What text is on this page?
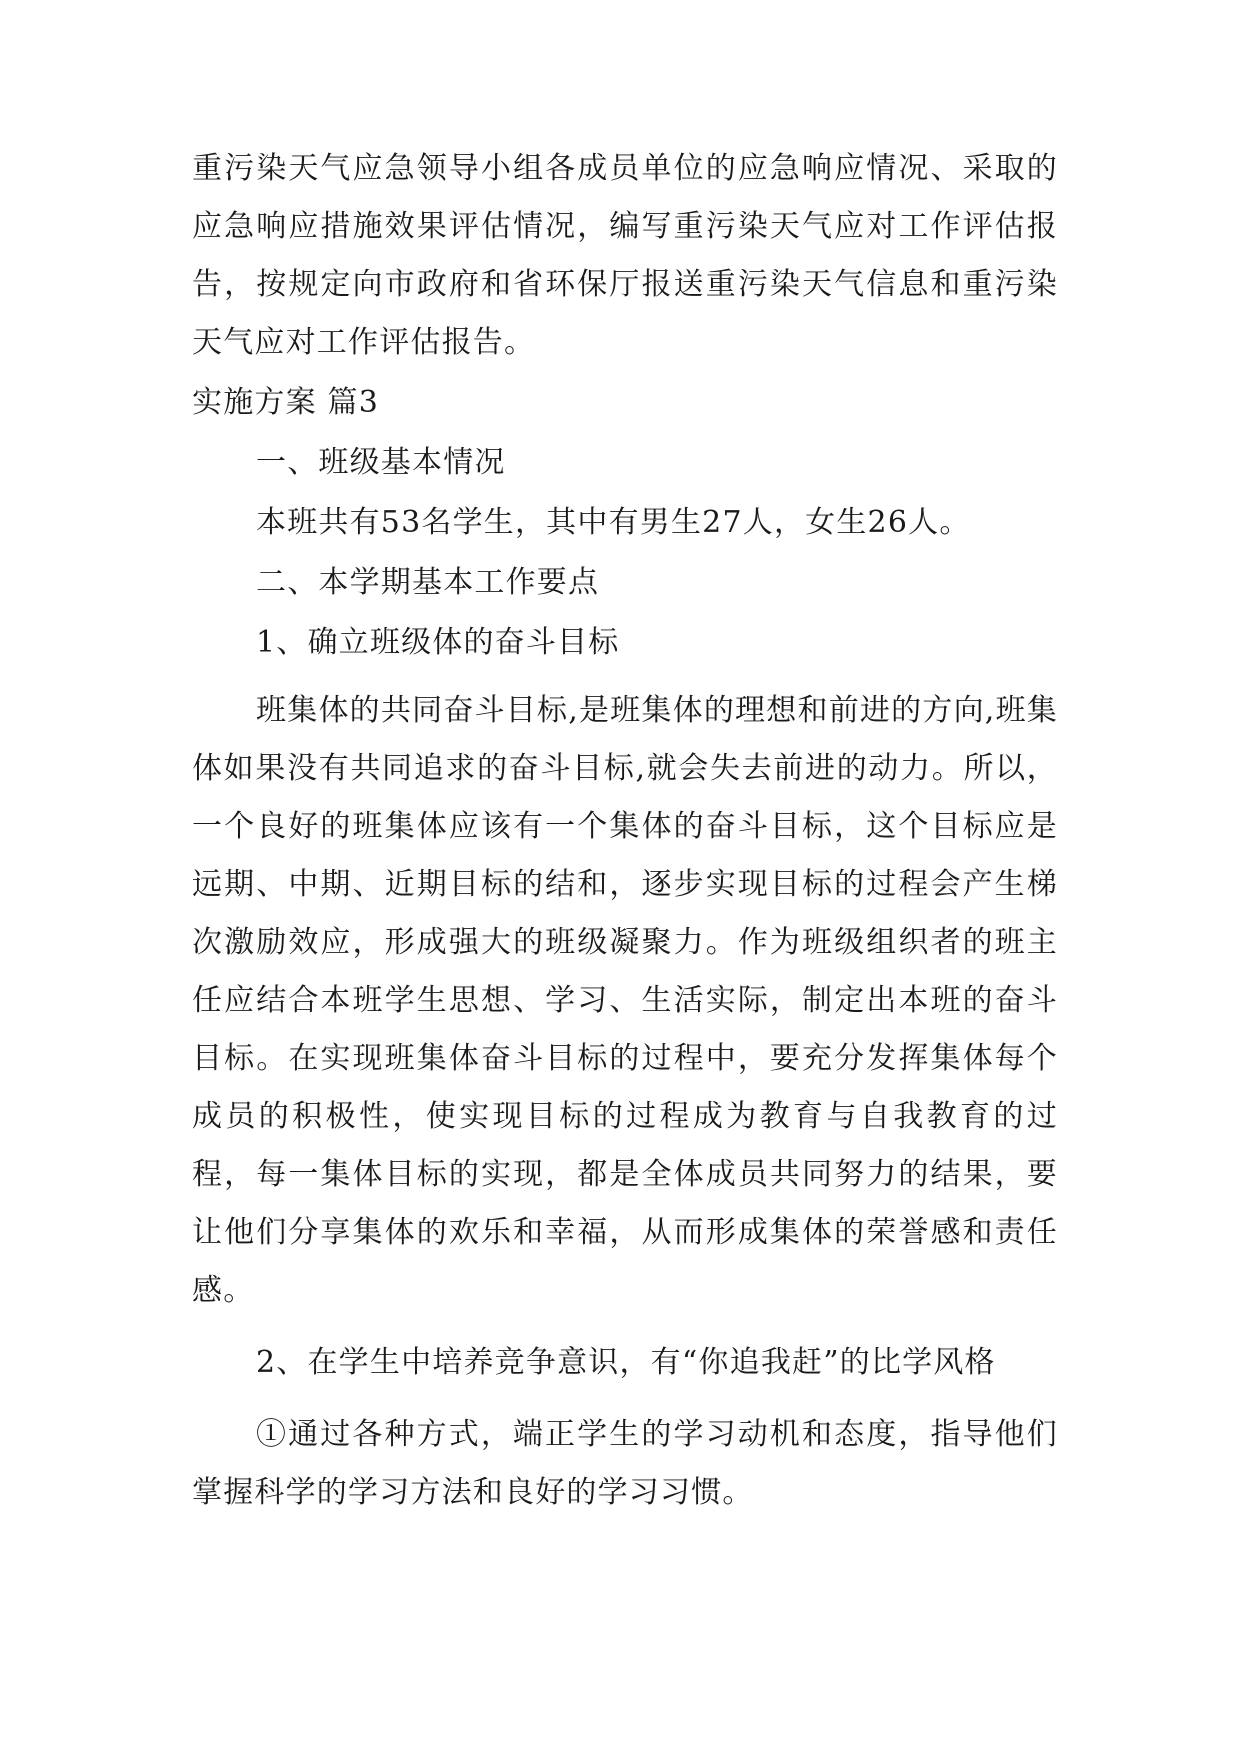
重污染天气应急领导小组各成员单位的应急响应情况、采取的应急响应措施效果评估情况，编写重污染天气应对工作评估报告，按规定向市政府和省环保厅报送重污染天气信息和重污染天气应对工作评估报告。

实施方案 篇3

一、班级基本情况

本班共有53名学生，其中有男生27人，女生26人。

二、本学期基本工作要点

1、确立班级体的奋斗目标

班集体的共同奋斗目标,是班集体的理想和前进的方向,班集体如果没有共同追求的奋斗目标,就会失去前进的动力。所以，一个良好的班集体应该有一个集体的奋斗目标，这个目标应是远期、中期、近期目标的结和，逐步实现目标的过程会产生梯次激励效应，形成强大的班级凝聚力。作为班级组织者的班主任应结合本班学生思想、学习、生活实际，制定出本班的奋斗目标。在实现班集体奋斗目标的过程中，要充分发挥集体每个成员的积极性，使实现目标的过程成为教育与自我教育的过程，每一集体目标的实现，都是全体成员共同努力的结果，要让他们分享集体的欢乐和幸福，从而形成集体的荣誉感和责任感。

2、在学生中培养竞争意识，有“你追我赶”的比学风格

①通过各种方式，端正学生的学习动机和态度，指导他们掌握科学的学习方法和良好的学习习惯。
